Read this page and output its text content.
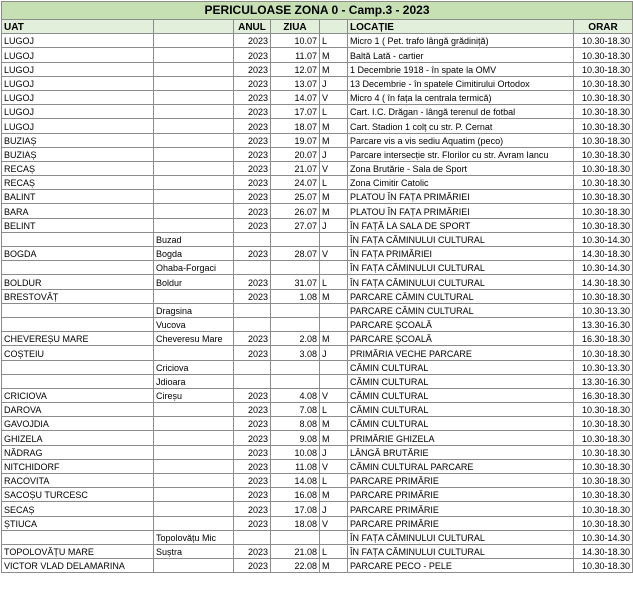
PERICULOASE ZONA 0 - Camp.3 - 2023						
UAT		ANUL	ZIUA		LOCAȚIE	ORAR
LUGOJ		2023	10.07	L	Micro 1 ( Pet. trafo lângă grădiniță)	10.30-18.30
LUGOJ		2023	11.07	M	Baltă Lată - cartier	10.30-18.30
LUGOJ		2023	12.07	M	1 Decembrie 1918 - în spate la OMV	10.30-18.30
LUGOJ		2023	13.07	J	13 Decembrie - în spatele Cimitirului Ortodox	10.30-18.30
LUGOJ		2023	14.07	V	Micro 4 ( în fața la centrala termică)	10.30-18.30
LUGOJ		2023	17.07	L	Cart. I.C. Drăgan - lângă terenul de fotbal	10.30-18.30
LUGOJ		2023	18.07	M	Cart. Stadion 1 colț cu str. P. Cernat	10.30-18.30
BUZIAȘ		2023	19.07	M	Parcare vis a vis sediu Aquatim (peco)	10.30-18.30
BUZIAȘ		2023	20.07	J	Parcare intersecție str. Florilor cu str. Avram Iancu	10.30-18.30
RECAȘ		2023	21.07	V	Zona Brutărie - Sala de Sport	10.30-18.30
RECAȘ		2023	24.07	L	Zona Cimitir Catolic	10.30-18.30
BALINT		2023	25.07	M	PLATOU ÎN FAȚA PRIMĂRIEI	10.30-18.30
BARA		2023	26.07	M	PLATOU ÎN FAȚA PRIMĂRIEI	10.30-18.30
BELINT		2023	27.07	J	ÎN FAȚĂ LA SALA DE SPORT	10.30-18.30
	Buzad				ÎN FAȚA CĂMINULUI CULTURAL	10.30-14.30
BOGDA	Bogda	2023	28.07	V	ÎN FAȚA PRIMĂRIEI	14.30-18.30
	Ohaba-Forgaci				ÎN FAȚA CĂMINULUI CULTURAL	10.30-14.30
BOLDUR	Boldur	2023	31.07	L	ÎN FAȚA CĂMINULUI CULTURAL	14.30-18.30
BRESTOVĂȚ		2023	1.08	M	PARCARE CĂMIN CULTURAL	10.30-18.30
	Dragsina				PARCARE CĂMIN CULTURAL	10.30-13.30
	Vucova				PARCARE ȘCOALĂ	13.30-16.30
CHEVEREȘU MARE	Cheveresu Mare	2023	2.08	M	PARCARE ȘCOALĂ	16.30-18.30
COȘTEIU		2023	3.08	J	PRIMĂRIA VECHE PARCARE	10.30-18.30
	Criciova				CĂMIN CULTURAL	10.30-13.30
	Jdioara				CĂMIN CULTURAL	13.30-16.30
CRICIOVA	Cireșu	2023	4.08	V	CĂMIN CULTURAL	16.30-18.30
DAROVA		2023	7.08	L	CĂMIN CULTURAL	10.30-18.30
GAVOJDIA		2023	8.08	M	CĂMIN CULTURAL	10.30-18.30
GHIZELA		2023	9.08	M	PRIMĂRIE GHIZELA	10.30-18.30
NĂDRAG		2023	10.08	J	LÂNGĂ BRUTĂRIE	10.30-18.30
NITCHIDORF		2023	11.08	V	CĂMIN CULTURAL PARCARE	10.30-18.30
RACOVITA		2023	14.08	L	PARCARE PRIMĂRIE	10.30-18.30
SACOȘU TURCESC		2023	16.08	M	PARCARE PRIMĂRIE	10.30-18.30
SECAȘ		2023	17.08	J	PARCARE PRIMĂRIE	10.30-18.30
ȘTIUCA		2023	18.08	V	PARCARE PRIMĂRIE	10.30-18.30
	Topolovățu Mic				ÎN FAȚA CĂMINULUI CULTURAL	10.30-14.30
TOPOLOVĂȚU MARE	Suștra	2023	21.08	L	ÎN FAȚA CĂMINULUI CULTURAL	14.30-18.30
VICTOR VLAD DELAMARINA		2023	22.08	M	PARCARE PECO - PELE	10.30-18.30
